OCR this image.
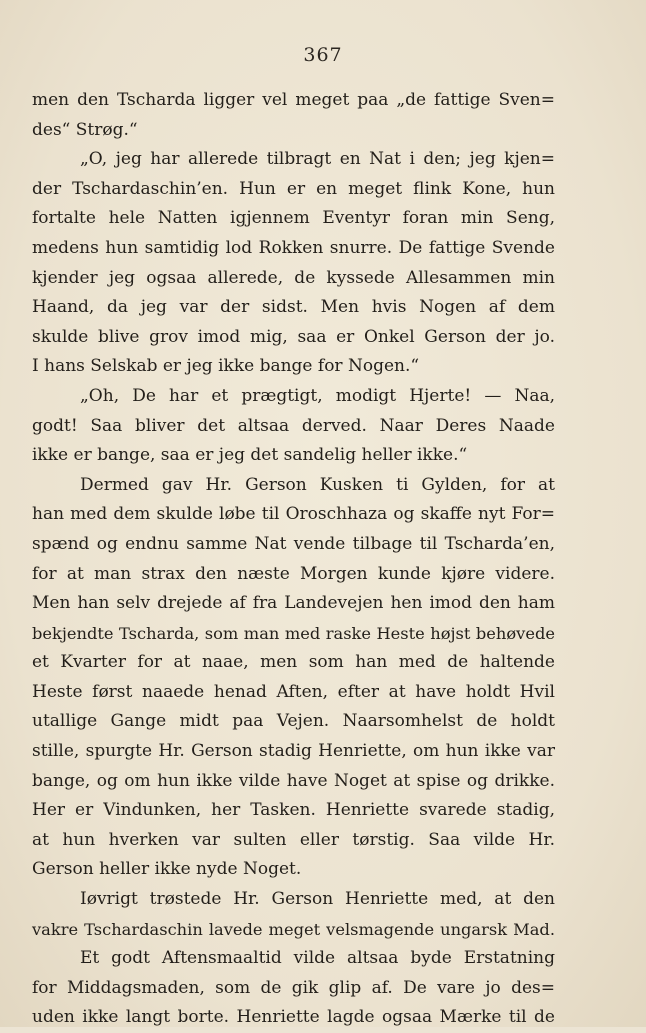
367
men den Tscharda ligger vel meget paa „de fattige Sven=
des“ Strøg.“
„O, jeg har allerede tilbragt en Nat i den; jeg kjen=
der Tschardaschin’en. Hun er en meget flink Kone, hun
fortalte hele Natten igjennem Eventyr foran min Seng,
medens hun samtidig lod Rokken snurre. De fattige Svende
kjender jeg ogsaa allerede, de kyssede Allesammen min
Haand, da jeg var der sidst. Men hvis Nogen af dem
skulde blive grov imod mig, saa er Onkel Gerson der jo.
I hans Selskab er jeg ikke bange for Nogen.“
„Oh, De har et prægtigt, modigt Hjerte! — Naa,
godt! Saa bliver det altsaa derved. Naar Deres Naade
ikke er bange, saa er jeg det sandelig heller ikke.“
Dermed gav Hr. Gerson Kusken ti Gylden, for at
han med dem skulde løbe til Oroschhaza og skaffe nyt For=
spænd og endnu samme Nat vende tilbage til Tscharda’en,
for at man strax den næste Morgen kunde kjøre videre.
Men han selv drejede af fra Landevejen hen imod den ham
bekjendte Tscharda, som man med raske Heste højst behøvede
et Kvarter for at naae, men som han med de haltende
Heste først naaede henad Aften, efter at have holdt Hvil
utallige Gange midt paa Vejen. Naarsomhelst de holdt
stille, spurgte Hr. Gerson stadig Henriette, om hun ikke var
bange, og om hun ikke vilde have Noget at spise og drikke.
Her er Vindunken, her Tasken. Henriette svarede stadig,
at hun hverken var sulten eller tørstig. Saa vilde Hr.
Gerson heller ikke nyde Noget.
Iøvrigt trøstede Hr. Gerson Henriette med, at den
vakre Tschardaschin lavede meget velsmagende ungarsk Mad.
Et godt Aftensmaaltid vilde altsaa byde Erstatning
for Middagsmaden, som de gik glip af. De vare jo des=
uden ikke langt borte. Henriette lagde ogsaa Mærke til de
